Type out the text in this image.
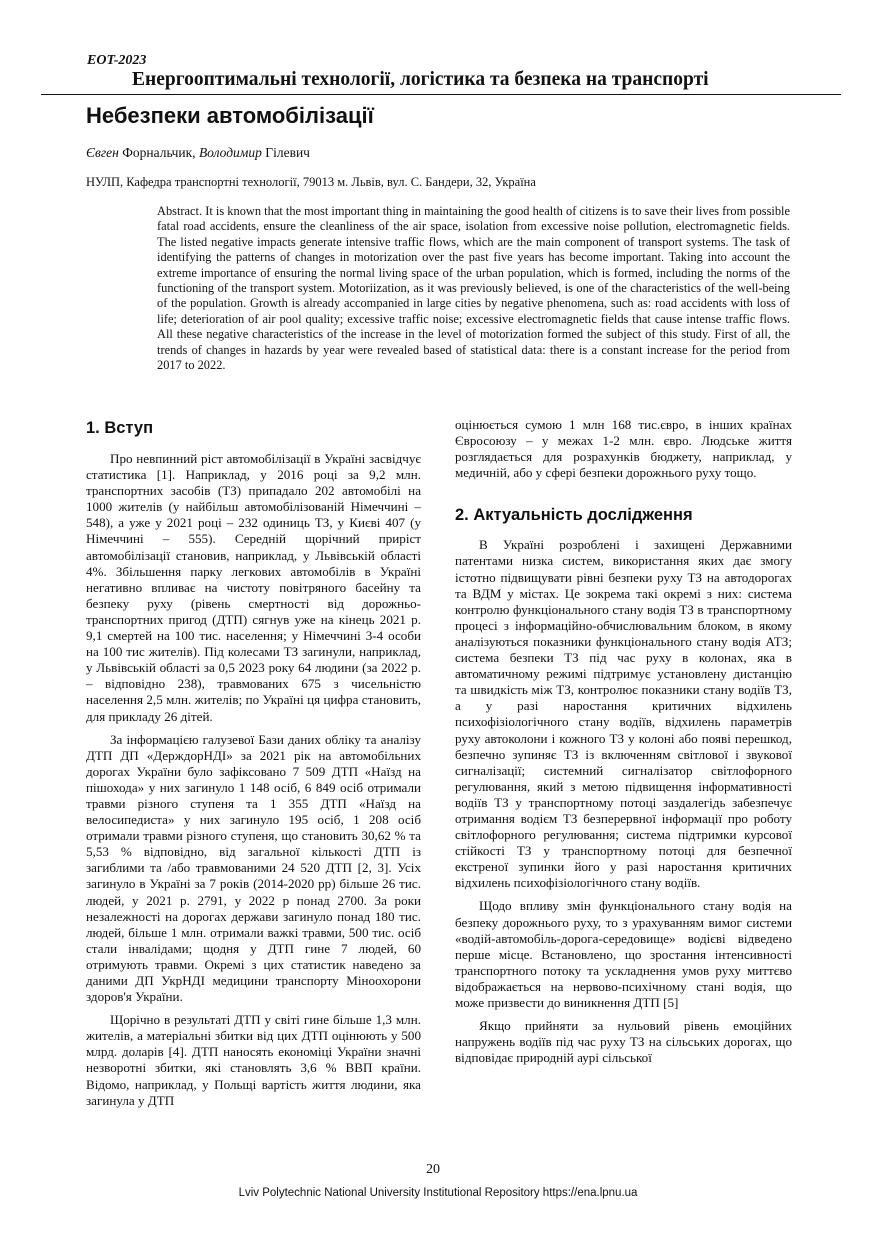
EOT-2023
Енергооптимальні технології, логістика та безпека на транспорті
Небезпеки автомобілізації
Євген Форнальчик, Володимир Гілевич
НУЛП, Кафедра транспортні технології, 79013 м. Львів, вул. С. Бандери, 32, Україна
Abstract. It is known that the most important thing in maintaining the good health of citizens is to save their lives from possible fatal road accidents, ensure the cleanliness of the air space, isolation from excessive noise pollution, electromagnetic fields. The listed negative impacts generate intensive traffic flows, which are the main component of transport systems. The task of identifying the patterns of changes in motorization over the past five years has become important. Taking into account the extreme importance of ensuring the normal living space of the urban population, which is formed, including the norms of the functioning of the transport system. Motoriization, as it was previously believed, is one of the characteristics of the well-being of the population. Growth is already accompanied in large cities by negative phenomena, such as: road accidents with loss of life; deterioration of air pool quality; excessive traffic noise; excessive electromagnetic fields that cause intense traffic flows. All these negative characteristics of the increase in the level of motorization formed the subject of this study. First of all, the trends of changes in hazards by year were revealed based of statistical data: there is a constant increase for the period from 2017 to 2022.
1. Вступ

Про невпинний ріст автомобілізації в Україні засвідчує статистика [1]. Наприклад, у 2016 році за 9,2 млн. транспортних засобів (ТЗ) припадало 202 автомобілі на 1000 жителів (у найбільш автомобілізованій Німеччині – 548), а уже у 2021 році – 232 одиниць ТЗ, у Києві 407 (у Німеччині – 555). Середній щорічний приріст автомобілізації становив, наприклад, у Львівській області 4%. Збільшення парку легкових автомобілів в Україні негативно впливає на чистоту повітряного басейну та безпеку руху (рівень смертності від дорожньо-транспортних пригод (ДТП) сягнув уже на кінець 2021 р. 9,1 смертей на 100 тис. населення; у Німеччині 3-4 особи на 100 тис жителів). Під колесами ТЗ загинули, наприклад, у Львівській області за 0,5 2023 року 64 людини (за 2022 р. – відповідно 238), травмованих 675 з чисельністю населення 2,5 млн. жителів; по Україні ця цифра становить, для прикладу 26 дітей.

За інформацією галузевої Бази даних обліку та аналізу ДТП ДП «ДерждорНДІ» за 2021 рік на автомобільних дорогах України було зафіксовано 7 509 ДТП «Наїзд на пішохода» у них загинуло 1 148 осіб, 6 849 осіб отримали травми різного ступеня та 1 355 ДТП «Наїзд на велосипедиста» у них загинуло 195 осіб, 1 208 осіб отримали травми різного ступеня, що становить 30,62 % та 5,53 % відповідно, від загальної кількості ДТП із загиблими та /або травмованими 24 520 ДТП [2, 3]. Усіх загинуло в Україні за 7 років (2014-2020 рр) більше 26 тис. людей, у 2021 р. 2791, у 2022 р понад 2700. За роки незалежності на дорогах держави загинуло понад 180 тис. людей, більше 1 млн. отримали важкі травми, 500 тис. осіб стали інвалідами; щодня у ДТП гине 7 людей, 60 отримують травми. Окремі з цих статистик наведено за даними ДП УкрНДІ медицини транспорту Міноохорони здоров'я України.

Щорічно в результаті ДТП у світі гине більше 1,3 млн. жителів, а матеріальні збитки від цих ДТП оцінюють у 500 млрд. доларів [4]. ДТП наносять економіці України значні незворотні збитки, які становлять 3,6 % ВВП країни. Відомо, наприклад, у Польщі вартість життя людини, яка загинула у ДТП

оцінюється сумою 1 млн 168 тис.євро, в інших країнах Євросоюзу – у межах 1-2 млн. євро. Людське життя розглядається для розрахунків бюджету, наприклад, у медичній, або у сфері безпеки дорожнього руху тощо.

2. Актуальність дослідження

В Україні розроблені і захищені Державними патентами низка систем, використання яких дає змогу істотно підвищувати рівні безпеки руху ТЗ на автодорогах та ВДМ у містах. Це зокрема такі окремі з них: система контролю функціонального стану водія ТЗ в транспортному процесі з інформаційно-обчислювальним блоком, в якому аналізуються показники функціонального стану водія АТЗ; система безпеки ТЗ під час руху в колонах, яка в автоматичному режимі підтримує установлену дистанцію та швидкість між ТЗ, контролює показники стану водіїв ТЗ, а у разі наростання критичних відхилень психофізіологічного стану водіїв, відхилень параметрів руху автоколони і кожного ТЗ у колоні або появі перешкод, безпечно зупиняє ТЗ із включенням світлової і звукової сигналізації; системний сигналізатор світлофорного регулювання, який з метою підвищення інформативності водіїв ТЗ у транспортному потоці заздалегідь забезпечує отримання водієм ТЗ безперервної інформації про роботу світлофорного регулювання; система підтримки курсової стійкості ТЗ у транспортному потоці для безпечної екстреної зупинки його у разі наростання критичних відхилень психофізіологічного стану водіїв.

Щодо впливу змін функціонального стану водія на безпеку дорожнього руху, то з урахуванням вимог системи «водій-автомобіль-дорога-середовище» водієві відведено перше місце. Встановлено, що зростання інтенсивності транспортного потоку та ускладнення умов руху миттєво відображається на нервово-психічному стані водія, що може призвести до виникнення ДТП [5]

Якщо прийняти за нульовий рівень емоційних напружень водіїв під час руху ТЗ на сільських дорогах, що відповідає природній аурі сільської

20
Lviv Polytechnic National University Institutional Repository https://ena.lpnu.ua
